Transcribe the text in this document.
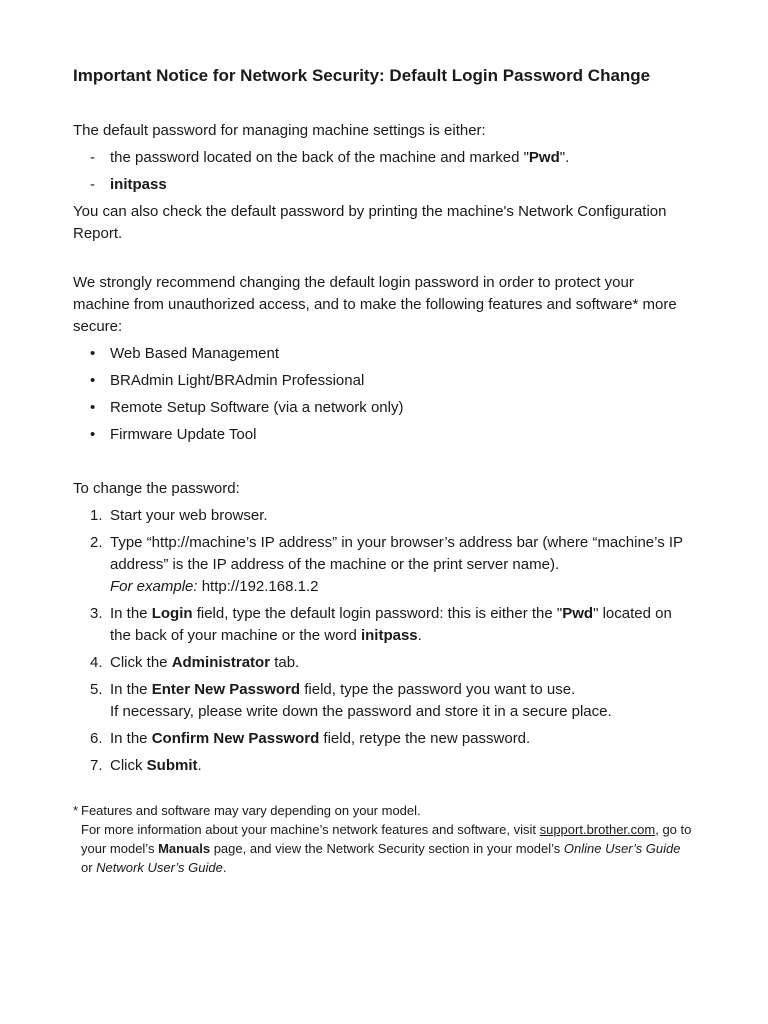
Important Notice for Network Security: Default Login Password Change

The default password for managing machine settings is either:

- the password located on the back of the machine and marked "Pwd".
- initpass

You can also check the default password by printing the machine's Network Configuration Report.

We strongly recommend changing the default login password in order to protect your machine from unauthorized access, and to make the following features and software* more secure:

• Web Based Management
• BRAdmin Light/BRAdmin Professional
• Remote Setup Software (via a network only)
• Firmware Update Tool

To change the password:

1. Start your web browser.
2. Type “http://machine’s IP address” in your browser’s address bar (where “machine’s IP address” is the IP address of the machine or the print server name).
For example: http://192.168.1.2
3. In the Login field, type the default login password: this is either the "Pwd" located on the back of your machine or the word initpass.
4. Click the Administrator tab.
5. In the Enter New Password field, type the password you want to use.
If necessary, please write down the password and store it in a secure place.
6. In the Confirm New Password field, retype the new password.
7. Click Submit.
* Features and software may vary depending on your model.
For more information about your machine’s network features and software, visit support.brother.com, go to your model’s Manuals page, and view the Network Security section in your model’s Online User’s Guide or Network User’s Guide.
